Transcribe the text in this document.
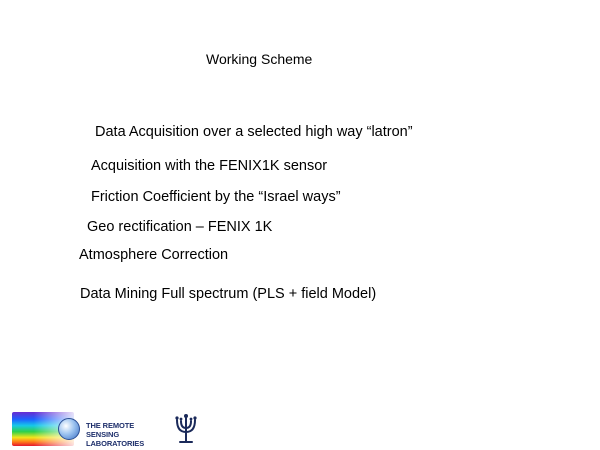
Working Scheme
Data Acquisition over a selected high way “latron”
Acquisition with the FENIX1K sensor
Friction Coefficient by the “Israel ways”
Geo rectification – FENIX 1K
Atmosphere Correction
Data Mining Full spectrum (PLS + field Model)
THE REMOTE SENSING
LABORATORIES
